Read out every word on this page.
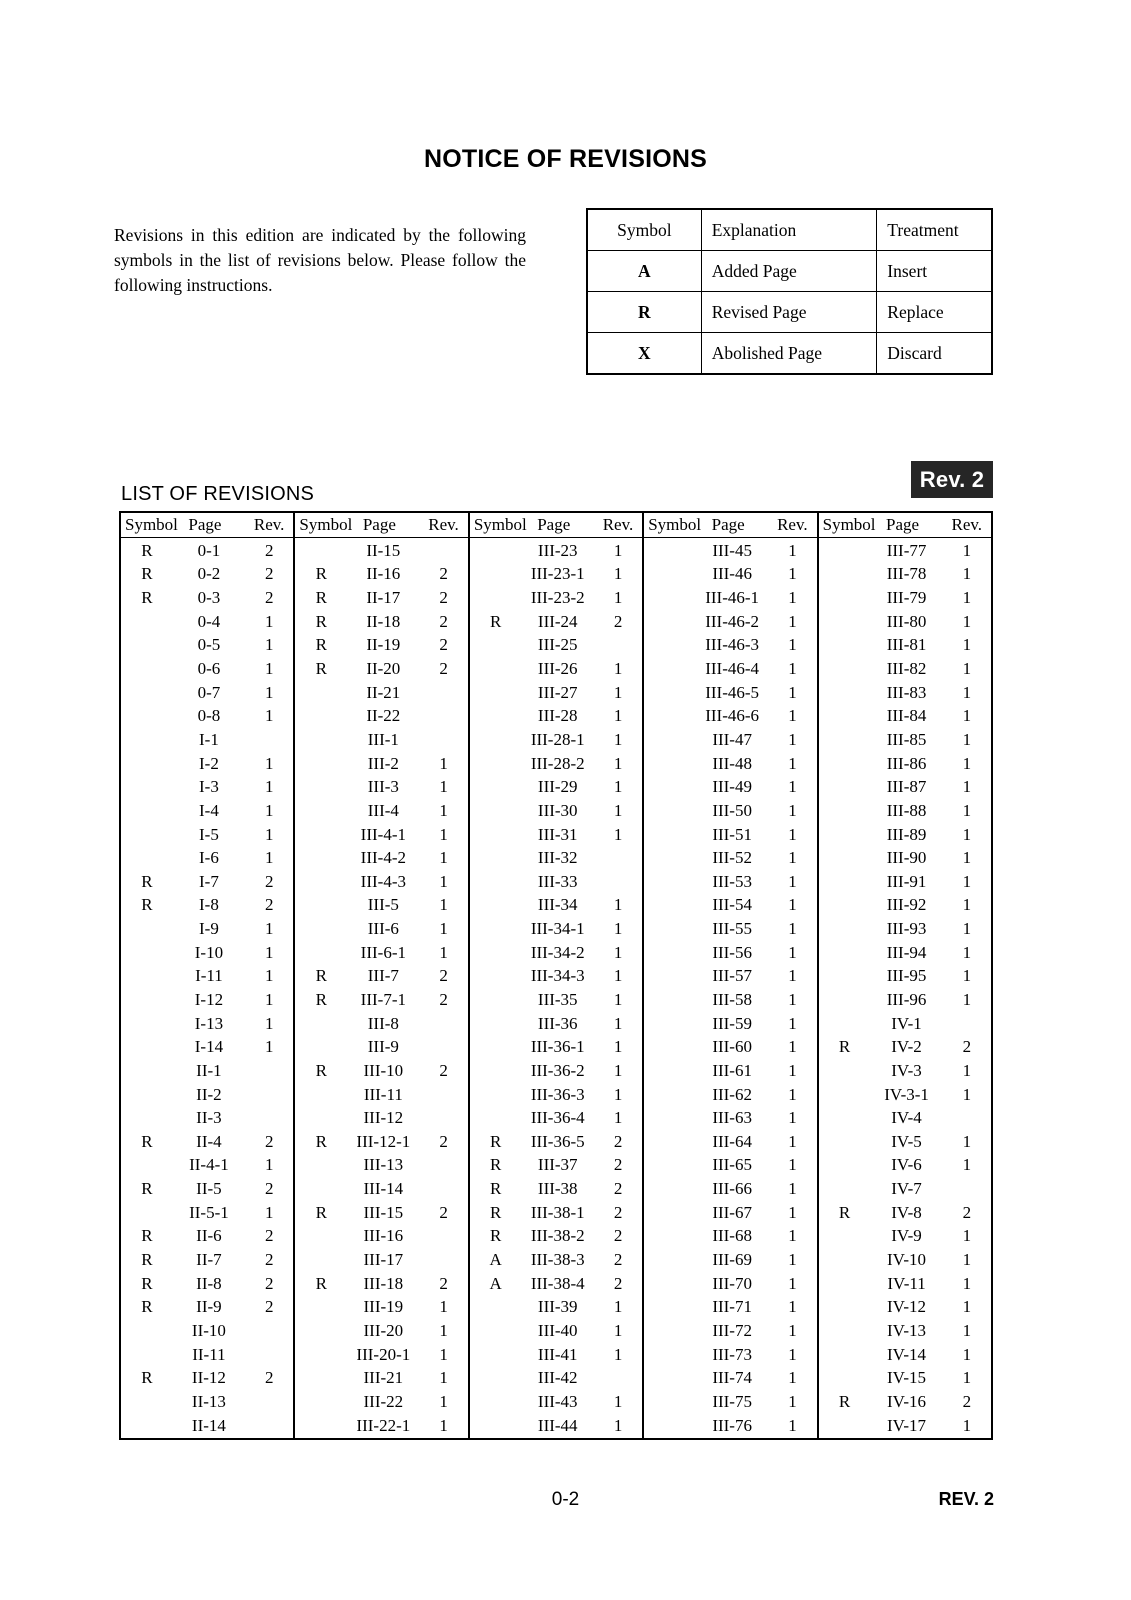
NOTICE OF REVISIONS

Revisions in this edition are indicated by the following symbols in the list of revisions below. Please follow the following instructions.

Symbol	Explanation	Treatment
A	Added Page	Insert
R	Revised Page	Replace
X	Abolished Page	Discard
Rev. 2
LIST OF REVISIONS
Symbol Page	Rev.
R	0-1	2
R	0-2	2
R	0-3	2
0-4	1
0-5	1
0-6	1
0-7	1
0-8	1
I-1
I-2	1
I-3	1
I-4	1
I-5	1
I-6	1
R	I-7	2
R	I-8	2
I-9	1
I-10	1
I-11	1
I-12	1
I-13	1
I-14	1
II-1
II-2
II-3
R	II-4	2
II-4-1	1
R	II-5	2
II-5-1	1
R	II-6	2
R	II-7	2
R	II-8	2
R	II-9	2
II-10
II-11
R	II-12	2
II-13
II-14
Symbol Page	Rev.
II-15
R	II-16	2
R	II-17	2
R	II-18	2
R	II-19	2
R	II-20	2
II-21
II-22
III-1
III-2	1
III-3	1
III-4	1
III-4-1	1
III-4-2	1
III-4-3	1
III-5	1
III-6	1
III-6-1	1
R	III-7	2
R	III-7-1	2
III-8
III-9
R	III-10	2
III-11
III-12
R	III-12-1	2
III-13
III-14
R	III-15	2
III-16
III-17
R	III-18	2
III-19	1
III-20	1
III-20-1	1
III-21	1
III-22	1
III-22-1	1
Symbol Page	Rev.
III-23	1
III-23-1	1
III-23-2	1
R	III-24	2
III-25
III-26	1
III-27	1
III-28	1
III-28-1	1
III-28-2	1
III-29	1
III-30	1
III-31	1
III-32
III-33
III-34	1
III-34-1	1
III-34-2	1
III-34-3	1
III-35	1
III-36	1
III-36-1	1
III-36-2	1
III-36-3	1
III-36-4	1
R	III-36-5	2
R	III-37	2
R	III-38	2
R	III-38-1	2
R	III-38-2	2
A	III-38-3	2
A	III-38-4	2
III-39	1
III-40	1
III-41	1
III-42
III-43	1
III-44	1
Symbol Page	Rev.
III-45	1
III-46	1
III-46-1	1
III-46-2	1
III-46-3	1
III-46-4	1
III-46-5	1
III-46-6	1
III-47	1
III-48	1
III-49	1
III-50	1
III-51	1
III-52	1
III-53	1
III-54	1
III-55	1
III-56	1
III-57	1
III-58	1
III-59	1
III-60	1
III-61	1
III-62	1
III-63	1
III-64	1
III-65	1
III-66	1
III-67	1
III-68	1
III-69	1
III-70	1
III-71	1
III-72	1
III-73	1
III-74	1
III-75	1
III-76	1
Symbol Page	Rev.
III-77	1
III-78	1
III-79	1
III-80	1
III-81	1
III-82	1
III-83	1
III-84	1
III-85	1
III-86	1
III-87	1
III-88	1
III-89	1
III-90	1
III-91	1
III-92	1
III-93	1
III-94	1
III-95	1
III-96	1
IV-1
R	IV-2	2
IV-3	1
IV-3-1	1
IV-4
IV-5	1
IV-6	1
IV-7
R	IV-8	2
IV-9	1
IV-10	1
IV-11	1
IV-12	1
IV-13	1
IV-14	1
IV-15	1
R	IV-16	2
IV-17	1
0-2	REV. 2
